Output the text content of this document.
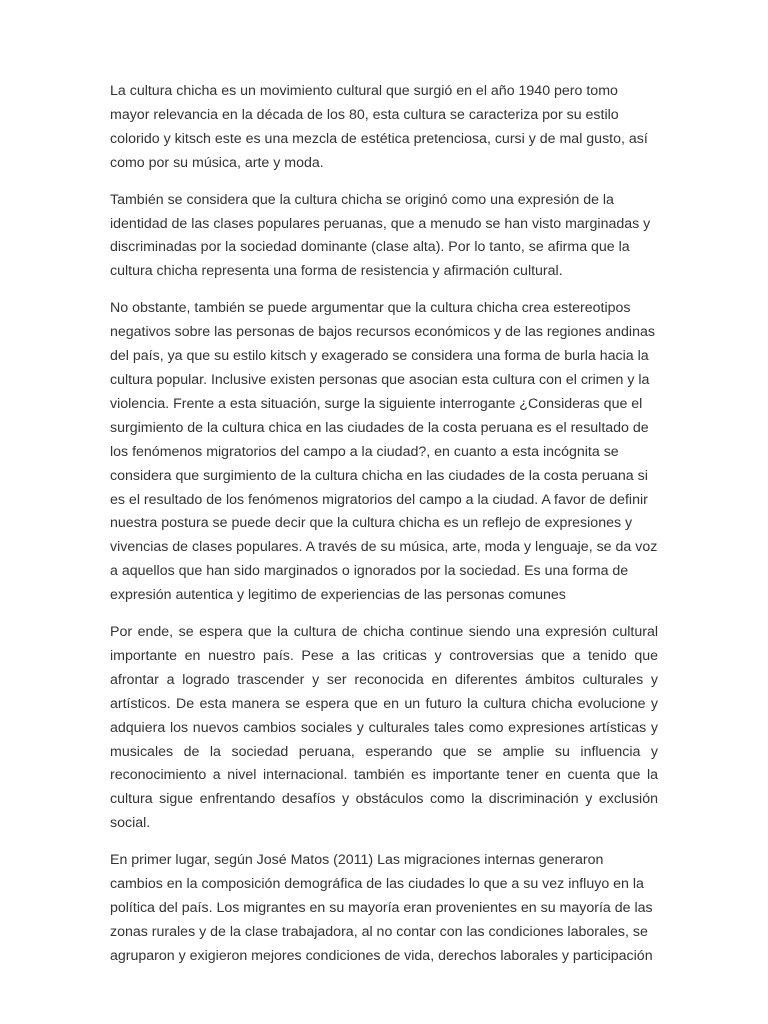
La cultura chicha es un movimiento cultural que surgió en el año 1940 pero tomo
mayor relevancia en la década de los 80, esta cultura se caracteriza por su estilo
colorido y kitsch este es una mezcla de estética pretenciosa, cursi y de mal gusto, así
como por su música, arte y moda.

También se considera que la cultura chicha se originó como una expresión de la
identidad de las clases populares peruanas, que a menudo se han visto marginadas y
discriminadas por la sociedad dominante (clase alta). Por lo tanto, se afirma que la
cultura chicha representa una forma de resistencia y afirmación cultural.

No obstante, también se puede argumentar que la cultura chicha crea estereotipos
negativos sobre las personas de bajos recursos económicos y de las regiones andinas
del país, ya que su estilo kitsch y exagerado se considera una forma de burla hacia la
cultura popular. Inclusive existen personas que asocian esta cultura con el crimen y la
violencia. Frente a esta situación, surge la siguiente interrogante ¿Consideras que el
surgimiento de la cultura chica en las ciudades de la costa peruana es el resultado de
los fenómenos migratorios del campo a la ciudad?, en cuanto a esta incógnita se
considera que surgimiento de la cultura chicha en las ciudades de la costa peruana si
es el resultado de los fenómenos migratorios del campo a la ciudad. A favor de definir
nuestra postura se puede decir que la cultura chicha es un reflejo de expresiones y
vivencias de clases populares. A través de su música, arte, moda y lenguaje, se da voz
a aquellos que han sido marginados o ignorados por la sociedad. Es una forma de
expresión autentica y legitimo de experiencias de las personas comunes

Por ende, se espera que la cultura de chicha continue siendo una expresión cultural
importante en nuestro país. Pese a las criticas y controversias que a tenido que
afrontar a logrado trascender y ser reconocida en diferentes ámbitos culturales y
artísticos. De esta manera se espera que en un futuro la cultura chicha evolucione y
adquiera los nuevos cambios sociales y culturales tales como expresiones artísticas y
musicales de la sociedad peruana, esperando que se amplie su influencia y
reconocimiento a nivel internacional. también es importante tener en cuenta que la
cultura sigue enfrentando desafíos y obstáculos como la discriminación y exclusión
social.

En primer lugar, según José Matos (2011) Las migraciones internas generaron
cambios en la composición demográfica de las ciudades lo que a su vez influyo en la
política del país. Los migrantes en su mayoría eran provenientes en su mayoría de las
zonas rurales y de la clase trabajadora, al no contar con las condiciones laborales, se
agruparon y exigieron mejores condiciones de vida, derechos laborales y participación
